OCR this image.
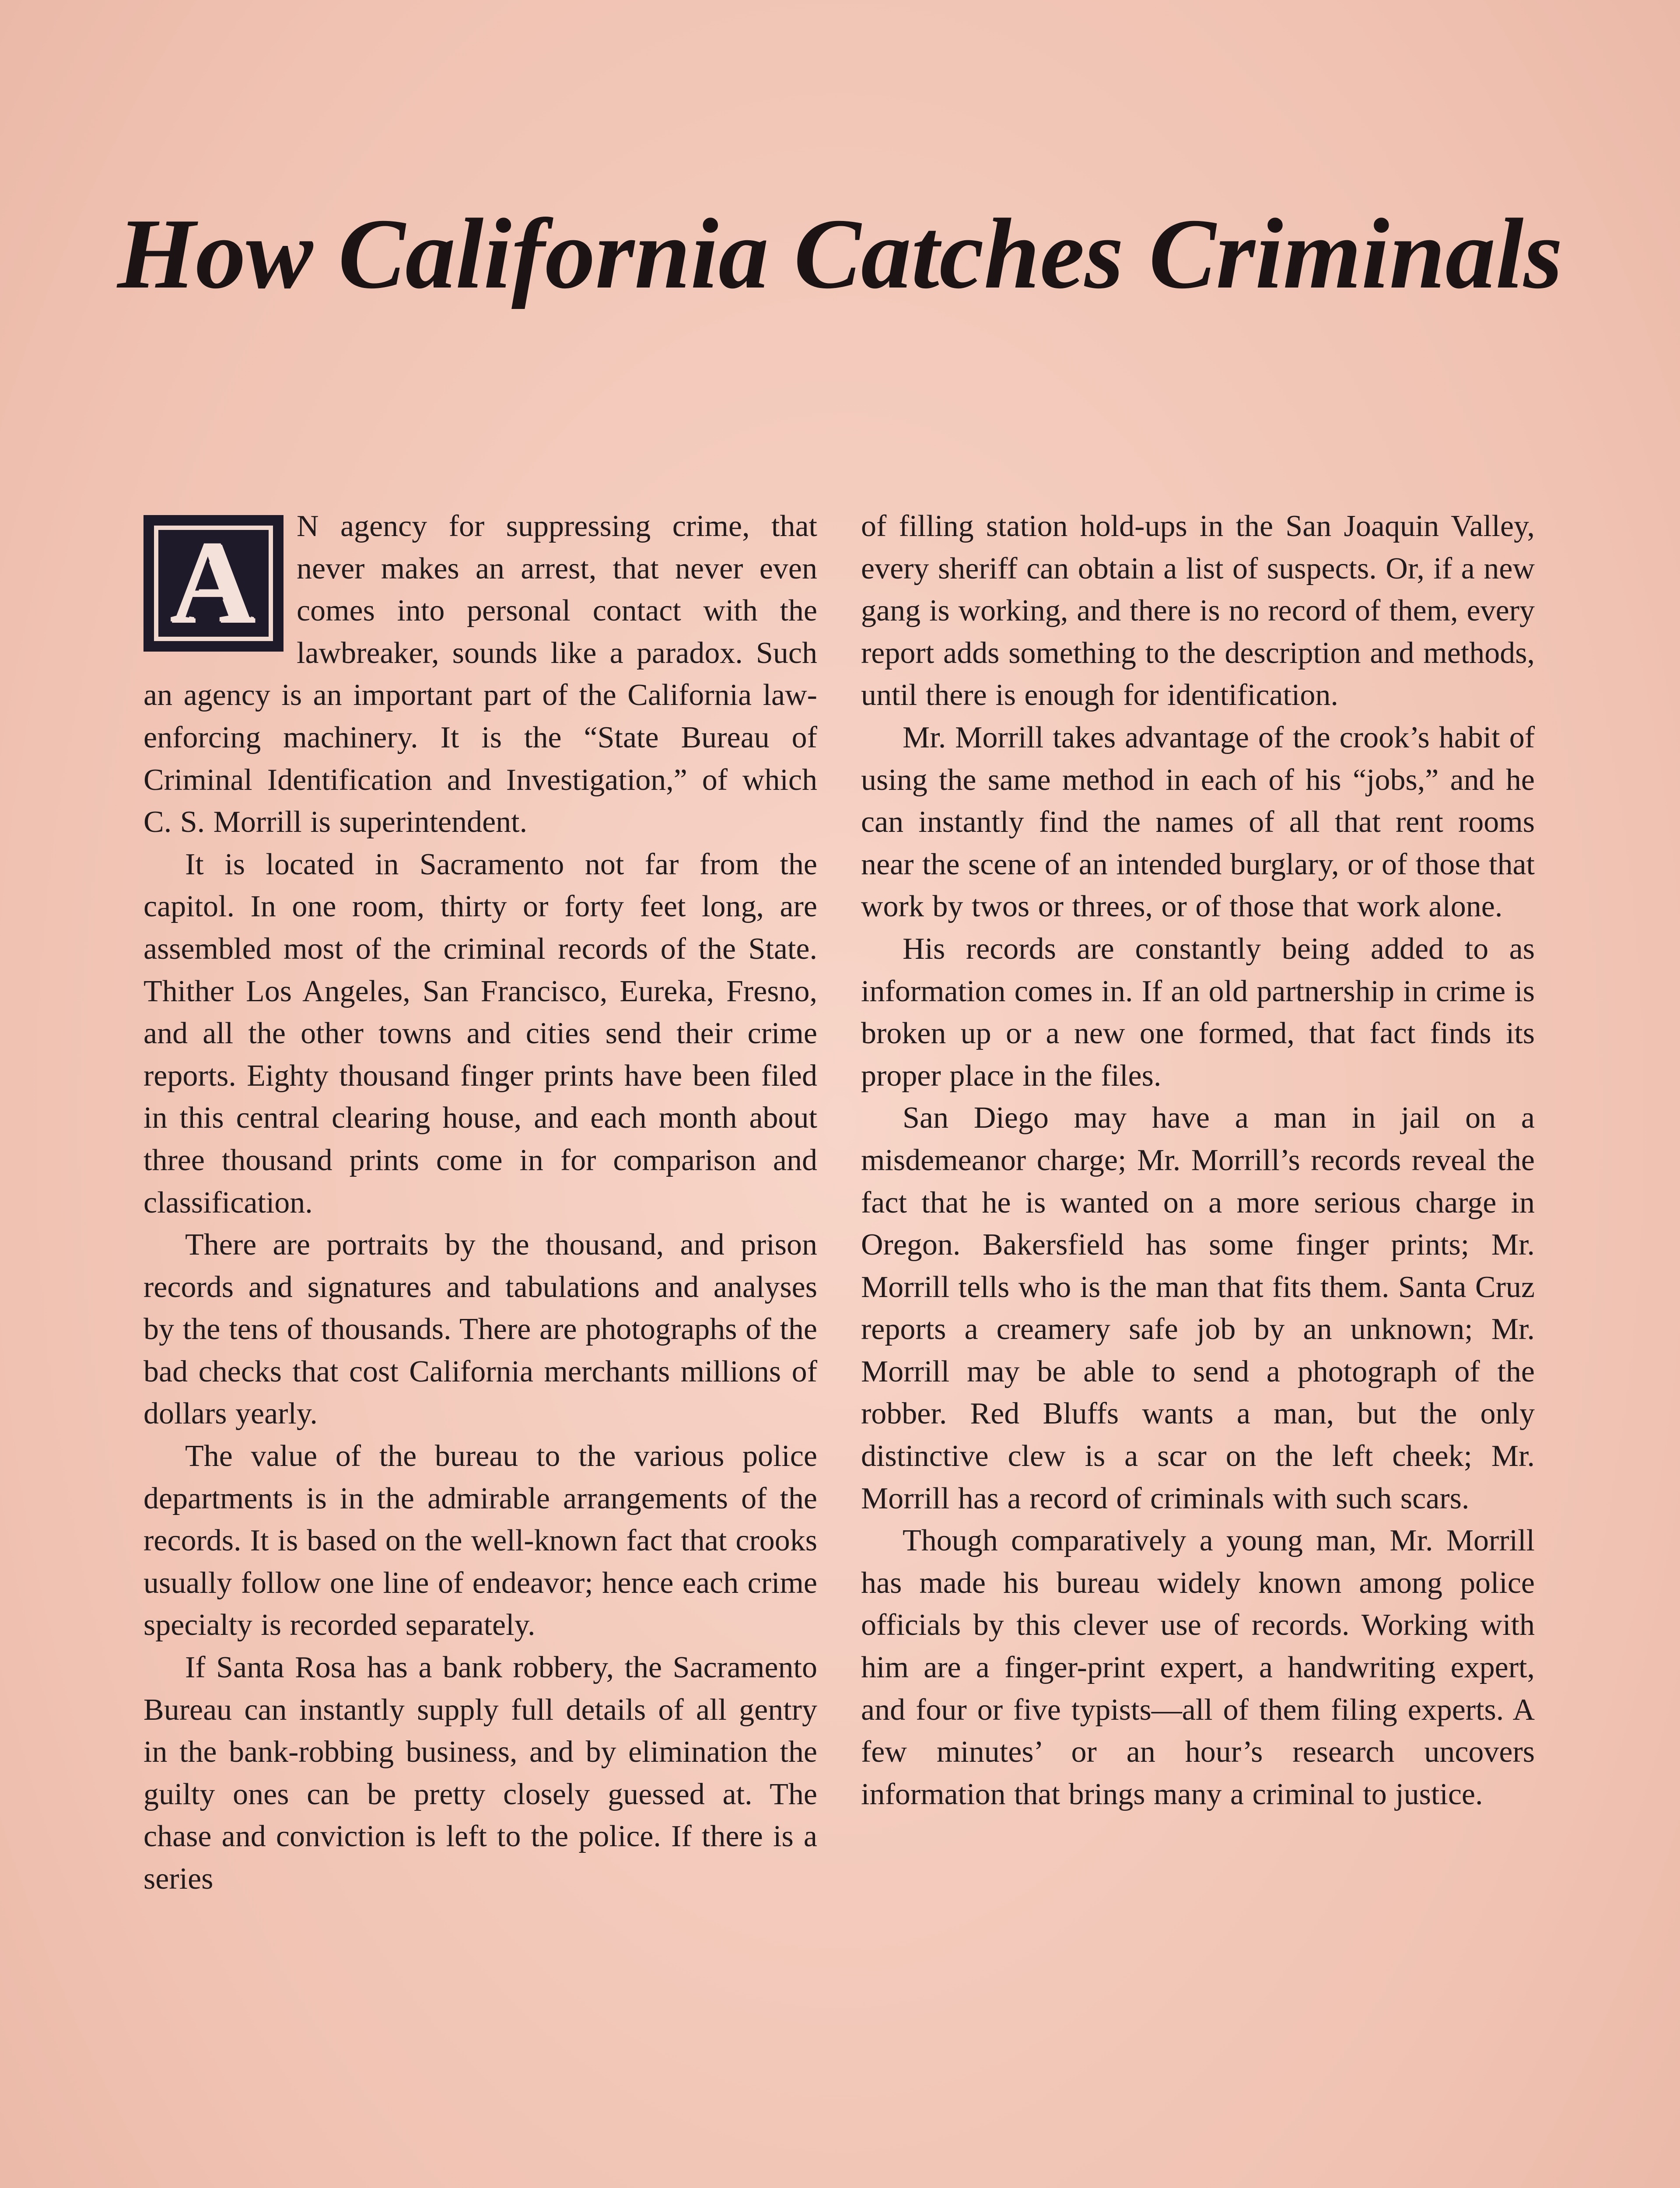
How California Catches Criminals
A	N agency for suppressing crime, that never makes an arrest, that never even comes into personal contact with the lawbreaker, sounds like a paradox. Such an agency is an important part of the California law-enforcing machinery. It is the “State Bureau of Criminal Identification and Investigation,” of which C. S. Morrill is superintendent.

It is located in Sacramento not far from the capitol. In one room, thirty or forty feet long, are assembled most of the criminal records of the State. Thither Los Angeles, San Francisco, Eureka, Fresno, and all the other towns and cities send their crime reports. Eighty thousand finger prints have been filed in this central clearing house, and each month about three thousand prints come in for comparison and classification.

There are portraits by the thousand, and prison records and signatures and tabulations and analyses by the tens of thousands. There are photographs of the bad checks that cost California merchants millions of dollars yearly.

The value of the bureau to the various police departments is in the admirable arrangements of the records. It is based on the well-known fact that crooks usually follow one line of endeavor; hence each crime specialty is recorded separately.

If Santa Rosa has a bank robbery, the Sacramento Bureau can instantly supply full details of all gentry in the bank-robbing business, and by elimination the guilty ones can be pretty closely guessed at. The chase and conviction is left to the police. If there is a series

of filling station hold-ups in the San Joaquin Valley, every sheriff can obtain a list of suspects. Or, if a new gang is working, and there is no record of them, every report adds something to the description and methods, until there is enough for identification.

Mr. Morrill takes advantage of the crook’s habit of using the same method in each of his “jobs,” and he can instantly find the names of all that rent rooms near the scene of an intended burglary, or of those that work by twos or threes, or of those that work alone.

His records are constantly being added to as information comes in. If an old partnership in crime is broken up or a new one formed, that fact finds its proper place in the files.

San Diego may have a man in jail on a misdemeanor charge; Mr. Morrill’s records reveal the fact that he is wanted on a more serious charge in Oregon. Bakersfield has some finger prints; Mr. Morrill tells who is the man that fits them. Santa Cruz reports a creamery safe job by an unknown; Mr. Morrill may be able to send a photograph of the robber. Red Bluffs wants a man, but the only distinctive clew is a scar on the left cheek; Mr. Morrill has a record of criminals with such scars.

Though comparatively a young man, Mr. Morrill has made his bureau widely known among police officials by this clever use of records. Working with him are a finger-print expert, a handwriting expert, and four or five typists—all of them filing experts. A few minutes’ or an hour’s research uncovers information that brings many a criminal to justice.
